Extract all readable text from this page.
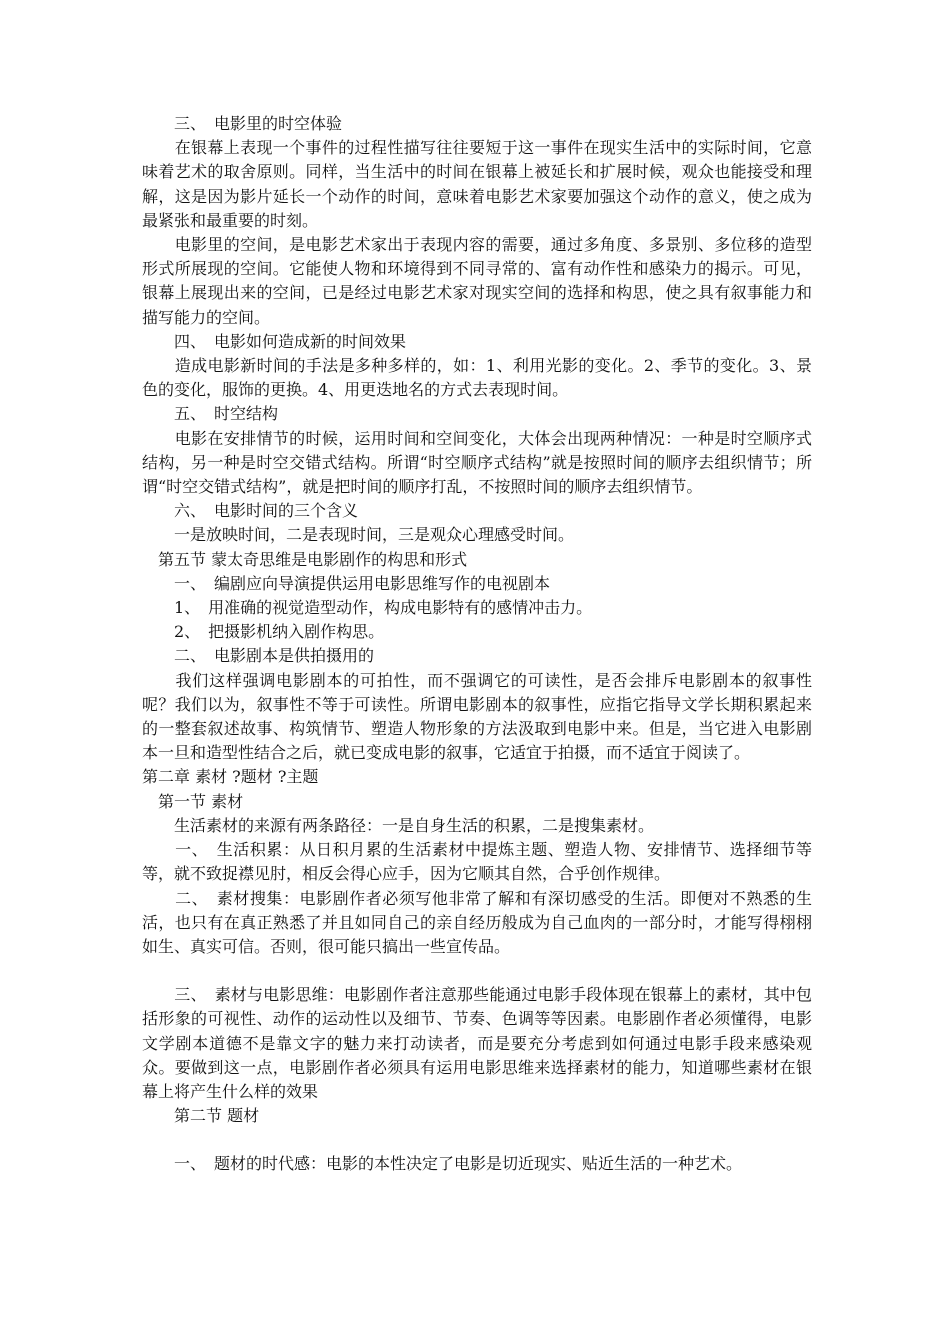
　　三、　电影里的时空体验

　　在银幕上表现一个事件的过程性描写往往要短于这一事件在现实生活中的实际时间，它意味着艺术的取舍原则。同样，当生活中的时间在银幕上被延长和扩展时候，观众也能接受和理解，这是因为影片延长一个动作的时间，意味着电影艺术家要加强这个动作的意义，使之成为最紧张和最重要的时刻。

　　电影里的空间，是电影艺术家出于表现内容的需要，通过多角度、多景别、多位移的造型形式所展现的空间。它能使人物和环境得到不同寻常的、富有动作性和感染力的揭示。可见，银幕上展现出来的空间，已是经过电影艺术家对现实空间的选择和构思，使之具有叙事能力和描写能力的空间。

　　四、　电影如何造成新的时间效果

　　造成电影新时间的手法是多种多样的，如：1、利用光影的变化。2、季节的变化。3、景色的变化，服饰的更换。4、用更迭地名的方式去表现时间。

　　五、　时空结构

　　电影在安排情节的时候，运用时间和空间变化，大体会出现两种情况：一种是时空顺序式结构，另一种是时空交错式结构。所谓“时空顺序式结构”就是按照时间的顺序去组织情节；所谓“时空交错式结构”，就是把时间的顺序打乱，不按照时间的顺序去组织情节。

　　六、　电影时间的三个含义

　　一是放映时间，二是表现时间，三是观众心理感受时间。

　第五节 蒙太奇思维是电影剧作的构思和形式

　　一、　编剧应向导演提供运用电影思维写作的电视剧本

　　1、　用准确的视觉造型动作，构成电影特有的感情冲击力。

　　2、　把摄影机纳入剧作构思。

　　二、　电影剧本是供拍摄用的

　　我们这样强调电影剧本的可拍性，而不强调它的可读性，是否会排斥电影剧本的叙事性呢？我们以为，叙事性不等于可读性。所谓电影剧本的叙事性，应指它指导文学长期积累起来的一整套叙述故事、构筑情节、塑造人物形象的方法汲取到电影中来。但是，当它进入电影剧本一旦和造型性结合之后，就已变成电影的叙事，它适宜于拍摄，而不适宜于阅读了。

第二章 素材 ?题材 ?主题

　第一节 素材

　　生活素材的来源有两条路径：一是自身生活的积累，二是搜集素材。

　　一、　生活积累：从日积月累的生活素材中提炼主题、塑造人物、安排情节、选择细节等等，就不致捉襟见肘，相反会得心应手，因为它顺其自然，合乎创作规律。

　　二、　素材搜集：电影剧作者必须写他非常了解和有深切感受的生活。即便对不熟悉的生活，也只有在真正熟悉了并且如同自己的亲自经历般成为自己血肉的一部分时，才能写得栩栩如生、真实可信。否则，很可能只搞出一些宣传品。

　　三、　素材与电影思维：电影剧作者注意那些能通过电影手段体现在银幕上的素材，其中包括形象的可视性、动作的运动性以及细节、节奏、色调等等因素。电影剧作者必须懂得，电影文学剧本道德不是靠文字的魅力来打动读者，而是要充分考虑到如何通过电影手段来感染观众。要做到这一点，电影剧作者必须具有运用电影思维来选择素材的能力，知道哪些素材在银幕上将产生什么样的效果

　　第二节 题材

　　一、　题材的时代感：电影的本性决定了电影是切近现实、贴近生活的一种艺术。
